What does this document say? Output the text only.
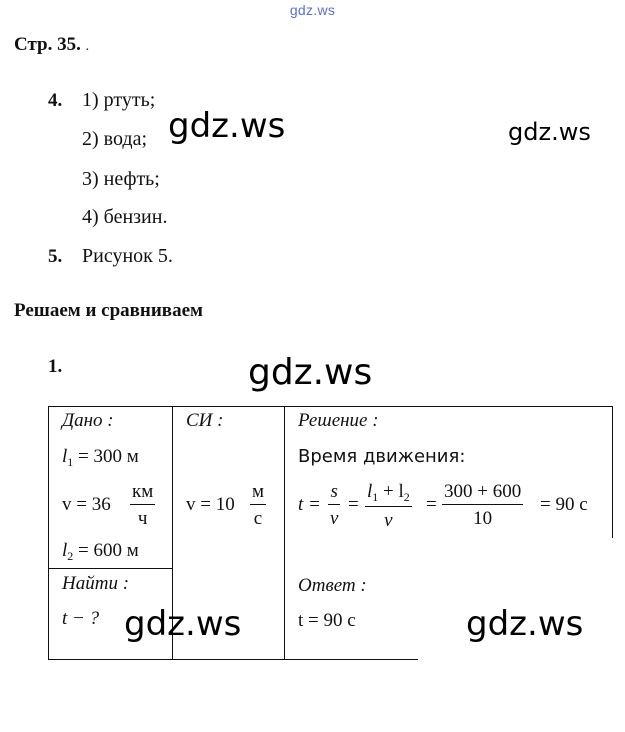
gdz.ws
Стр. 35. .
4. 1) ртуть;
2) вода;
3) нефть;
4) бензин.
5. Рисунок 5.
Решаем и сравниваем
1.
gdz.ws	gdz.ws
gdz.ws
Дано :
$l_1 = 300$ м
v = 36
км
ч
$l_2 = 600$ м
Найти :
t − ?
СИ :
v = 10
м
с
Решение :
Время движения:
t =
s
v
=
$l_1 + l_2$
v
=
300 + 600
10
= 90 с
Ответ :
t = 90 с
gdz.ws	gdz.ws
